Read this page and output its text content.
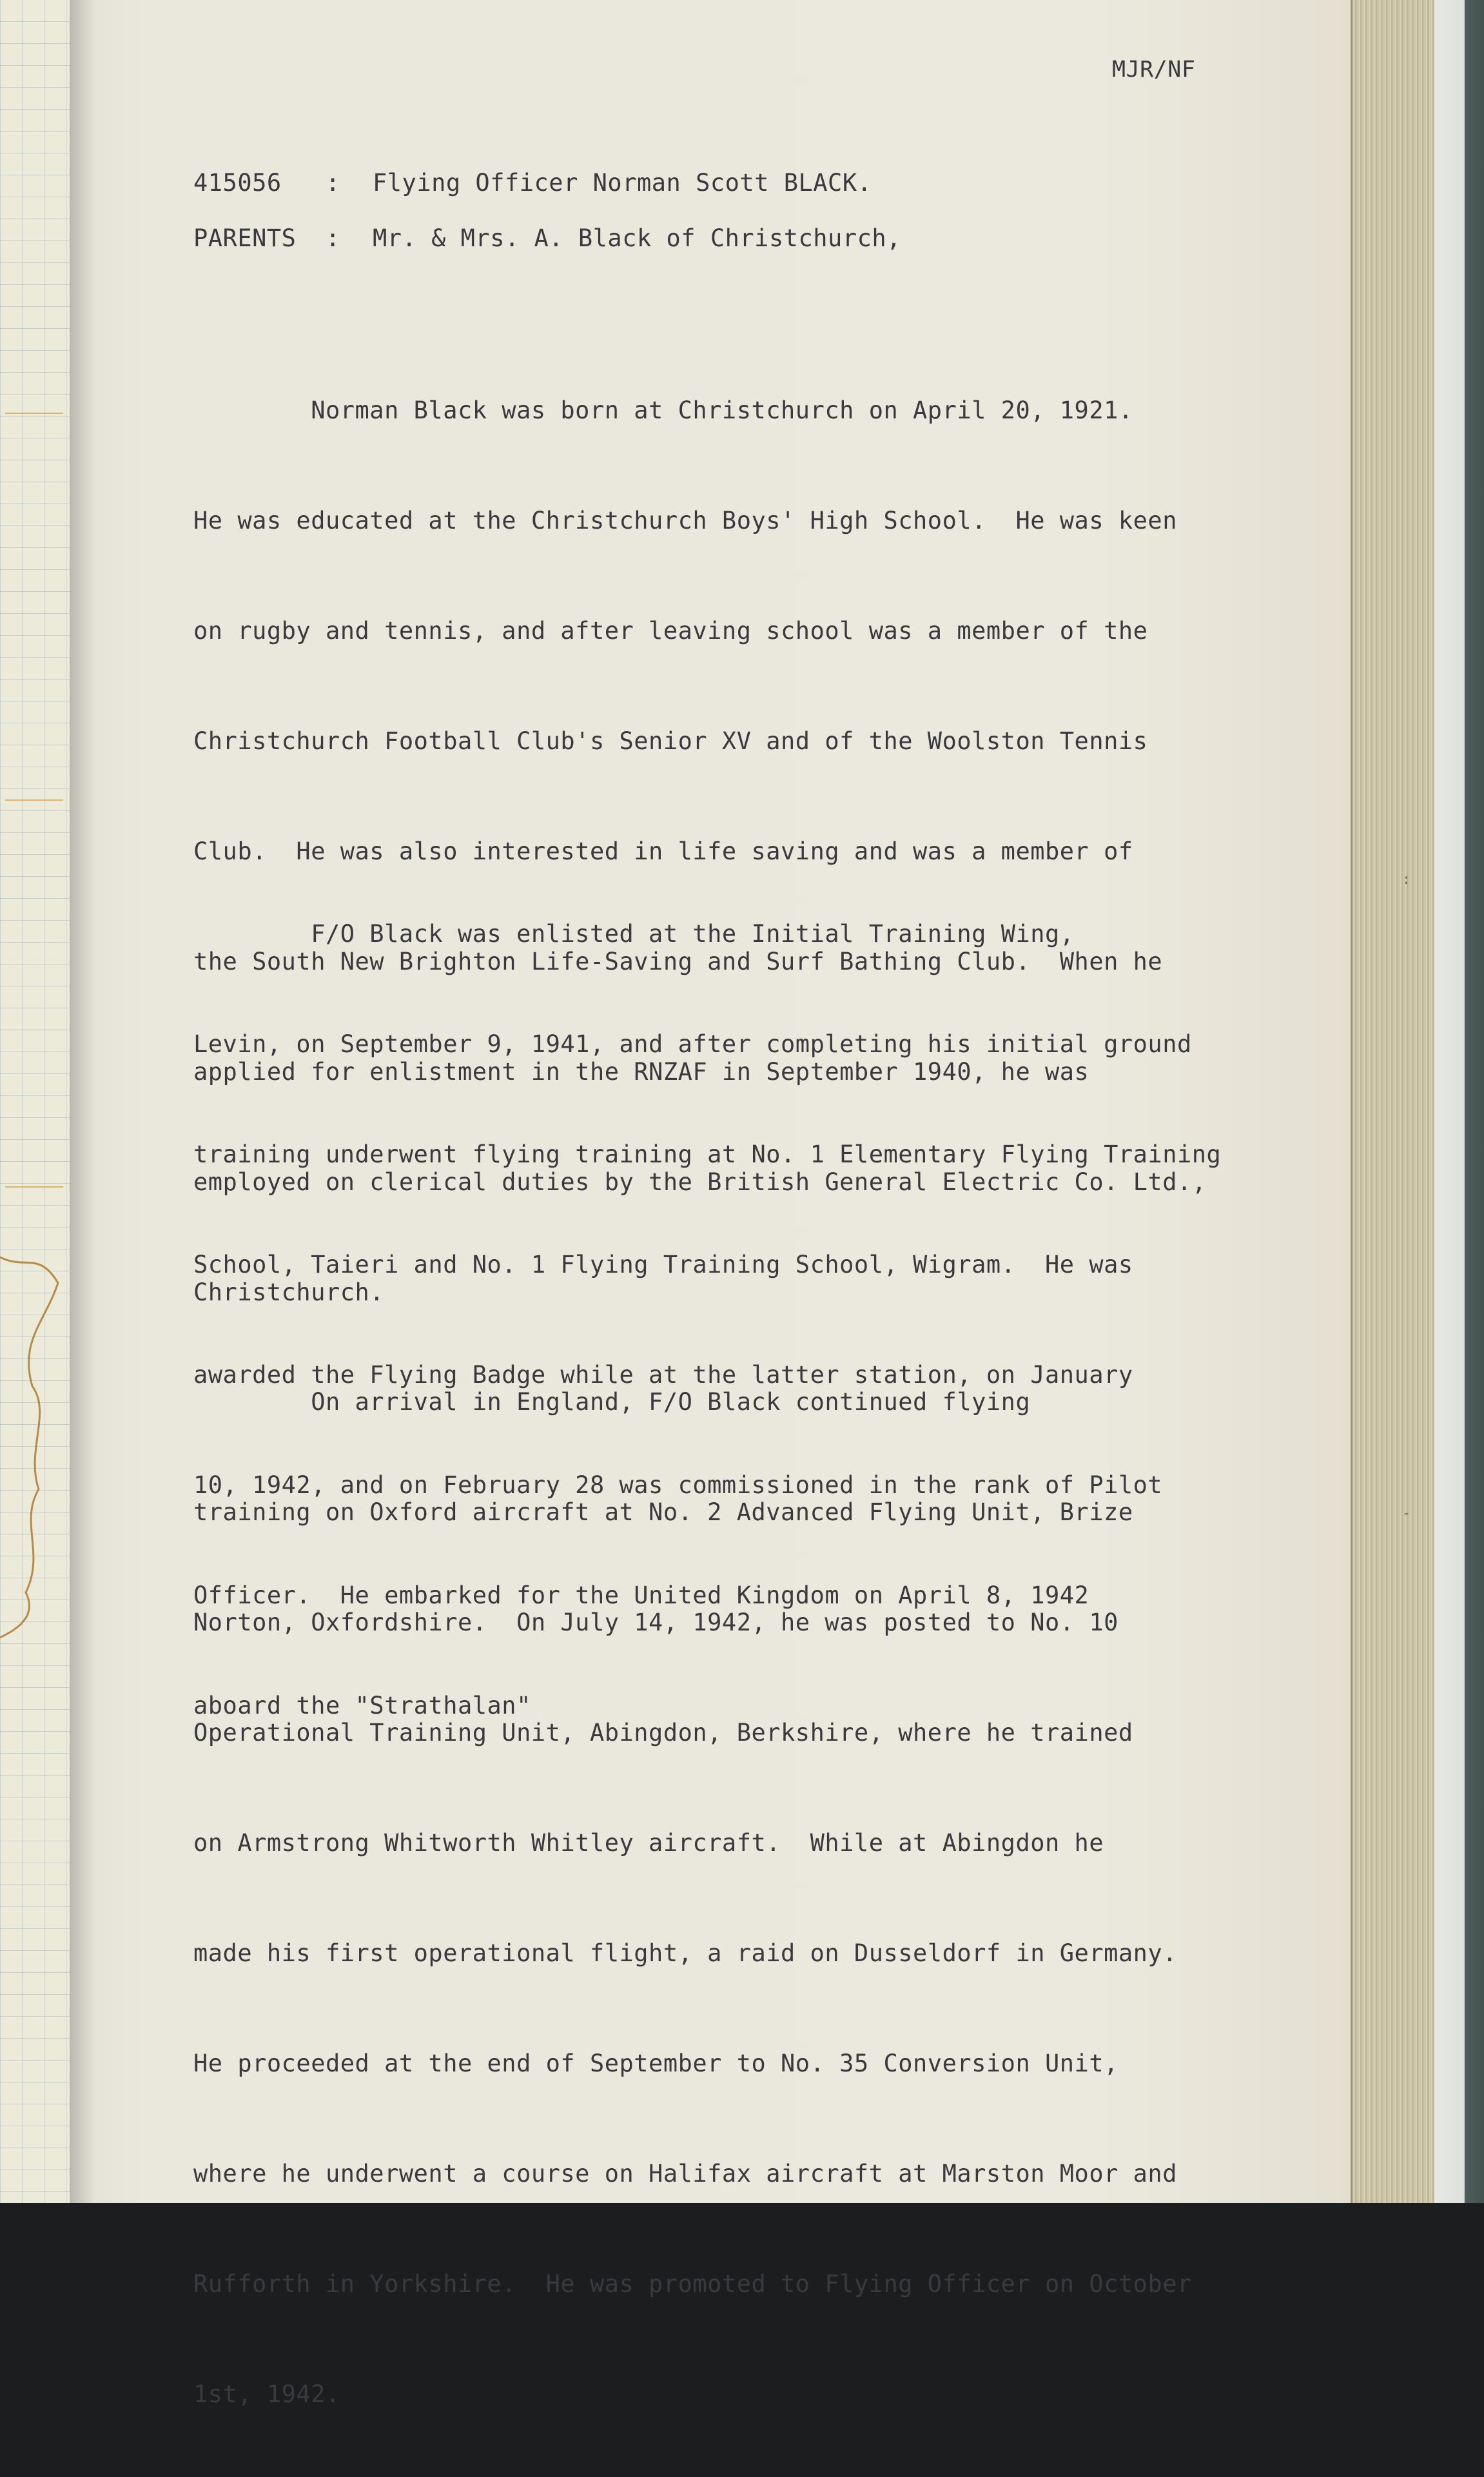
:
-
MJR/NF
415056 : Flying Officer Norman Scott BLACK.
PARENTS : Mr. & Mrs. A. Black of Christchurch,

Norman Black was born at Christchurch on April 20, 1921.

He was educated at the Christchurch Boys' High School.  He was keen

on rugby and tennis, and after leaving school was a member of the

Christchurch Football Club's Senior XV and of the Woolston Tennis

Club.  He was also interested in life saving and was a member of

the South New Brighton Life-Saving and Surf Bathing Club.  When he

applied for enlistment in the RNZAF in September 1940, he was

employed on clerical duties by the British General Electric Co. Ltd.,

Christchurch.

F/O Black was enlisted at the Initial Training Wing,

Levin, on September 9, 1941, and after completing his initial ground

training underwent flying training at No. 1 Elementary Flying Training

School, Taieri and No. 1 Flying Training School, Wigram.  He was

awarded the Flying Badge while at the latter station, on January

10, 1942, and on February 28 was commissioned in the rank of Pilot

Officer.  He embarked for the United Kingdom on April 8, 1942

aboard the "Strathalan"

On arrival in England, F/O Black continued flying

training on Oxford aircraft at No. 2 Advanced Flying Unit, Brize

Norton, Oxfordshire.  On July 14, 1942, he was posted to No. 10

Operational Training Unit, Abingdon, Berkshire, where he trained

on Armstrong Whitworth Whitley aircraft.  While at Abingdon he

made his first operational flight, a raid on Dusseldorf in Germany.

He proceeded at the end of September to No. 35 Conversion Unit,

where he underwent a course on Halifax aircraft at Marston Moor and

Rufforth in Yorkshire.  He was promoted to Flying Officer on October

1st, 1942.
